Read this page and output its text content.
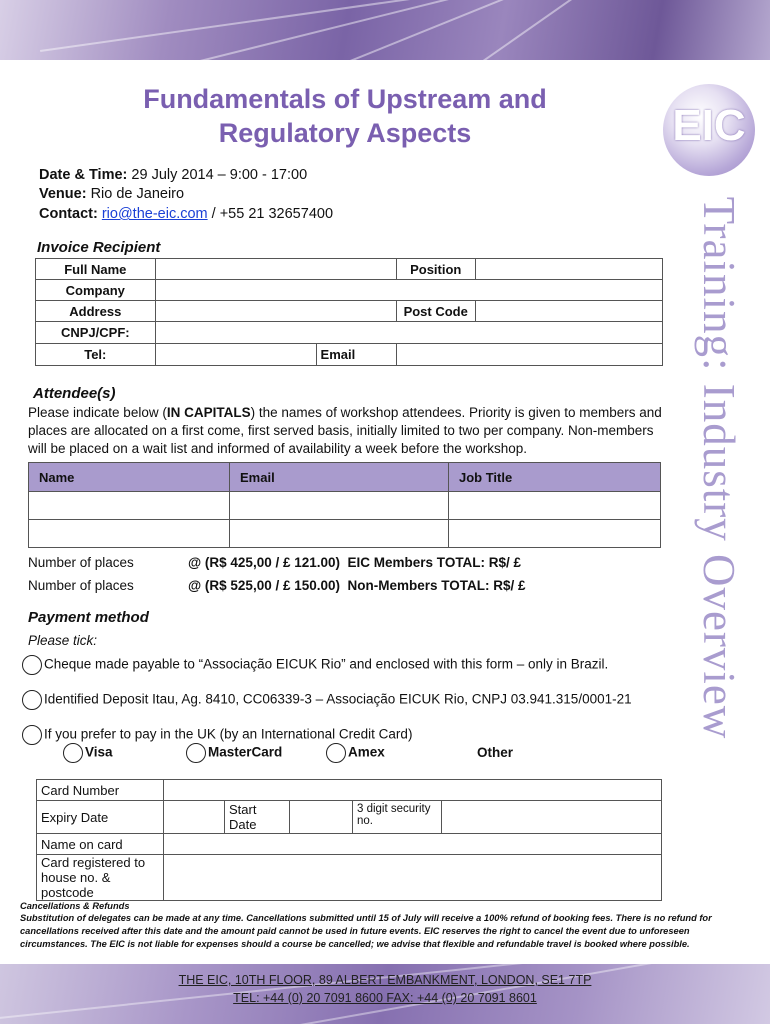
Fundamentals of Upstream and
Regulatory Aspects	EIC
Training: Industry Overview
Date & Time: 29 July 2014 – 9:00 - 17:00
Venue: Rio de Janeiro
Contact: rio@the-eic.com / +55 21 32657400
Invoice Recipient
Full Name			Position	
Company				
Address			Post Code	
CNPJ/CPF:				
Tel:		Email		
Attendee(s)
Please indicate below (IN CAPITALS) the names of workshop attendees. Priority is given to members and places are allocated on a first come, first served basis, initially limited to two per company. Non-members will be placed on a wait list and informed of availability a week before the workshop.
Name	Email	Job Title

Number of places	@ (R$ 425,00 / £ 121.00) EIC Members TOTAL: R$/ £
Number of places	@ (R$ 525,00 / £ 150.00) Non-Members TOTAL: R$/ £
Payment method
Please tick:
Cheque made payable to “Associação EICUK Rio” and enclosed with this form – only in Brazil.
Identified Deposit Itau, Ag. 8410, CC06339-3 – Associação EICUK Rio, CNPJ 03.941.315/0001-21
If you prefer to pay in the UK (by an International Credit Card)
Visa	MasterCard	Amex	Other
Card Number				
Expiry Date		Start Date		3 digit security no.

Name on card				
Card registered to house no. & postcode				
Cancellations & Refunds
Substitution of delegates can be made at any time. Cancellations submitted until 15 of July will receive a 100% refund of booking fees. There is no refund for cancellations received after this date and the amount paid cannot be used in future events. EIC reserves the right to cancel the event due to unforeseen circumstances. The EIC is not liable for expenses should a course be cancelled; we advise that flexible and refundable travel is booked where possible.
THE EIC, 10TH FLOOR, 89 ALBERT EMBANKMENT, LONDON, SE1 7TP
TEL: +44 (0) 20 7091 8600 FAX: +44 (0) 20 7091 8601
